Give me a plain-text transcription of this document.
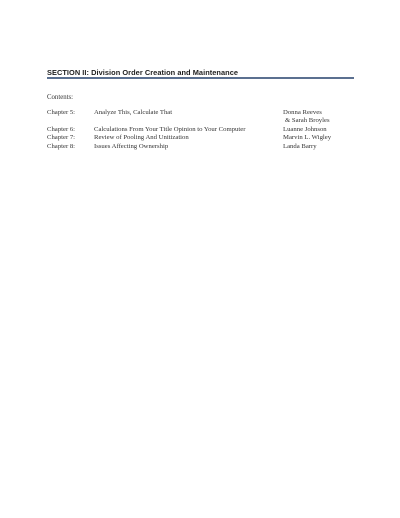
SECTION II: Division Order Creation and Maintenance
Contents:
Chapter 5:	Analyze This, Calculate That	Donna Reeves
& Sarah Broyles
Chapter 6:	Calculations From Your Title Opinion to Your Computer	Luanne Johnson
Chapter 7:	Review of Pooling And Unitization	Marvin L. Wigley
Chapter 8:	Issues Affecting Ownership	Landa Barry
